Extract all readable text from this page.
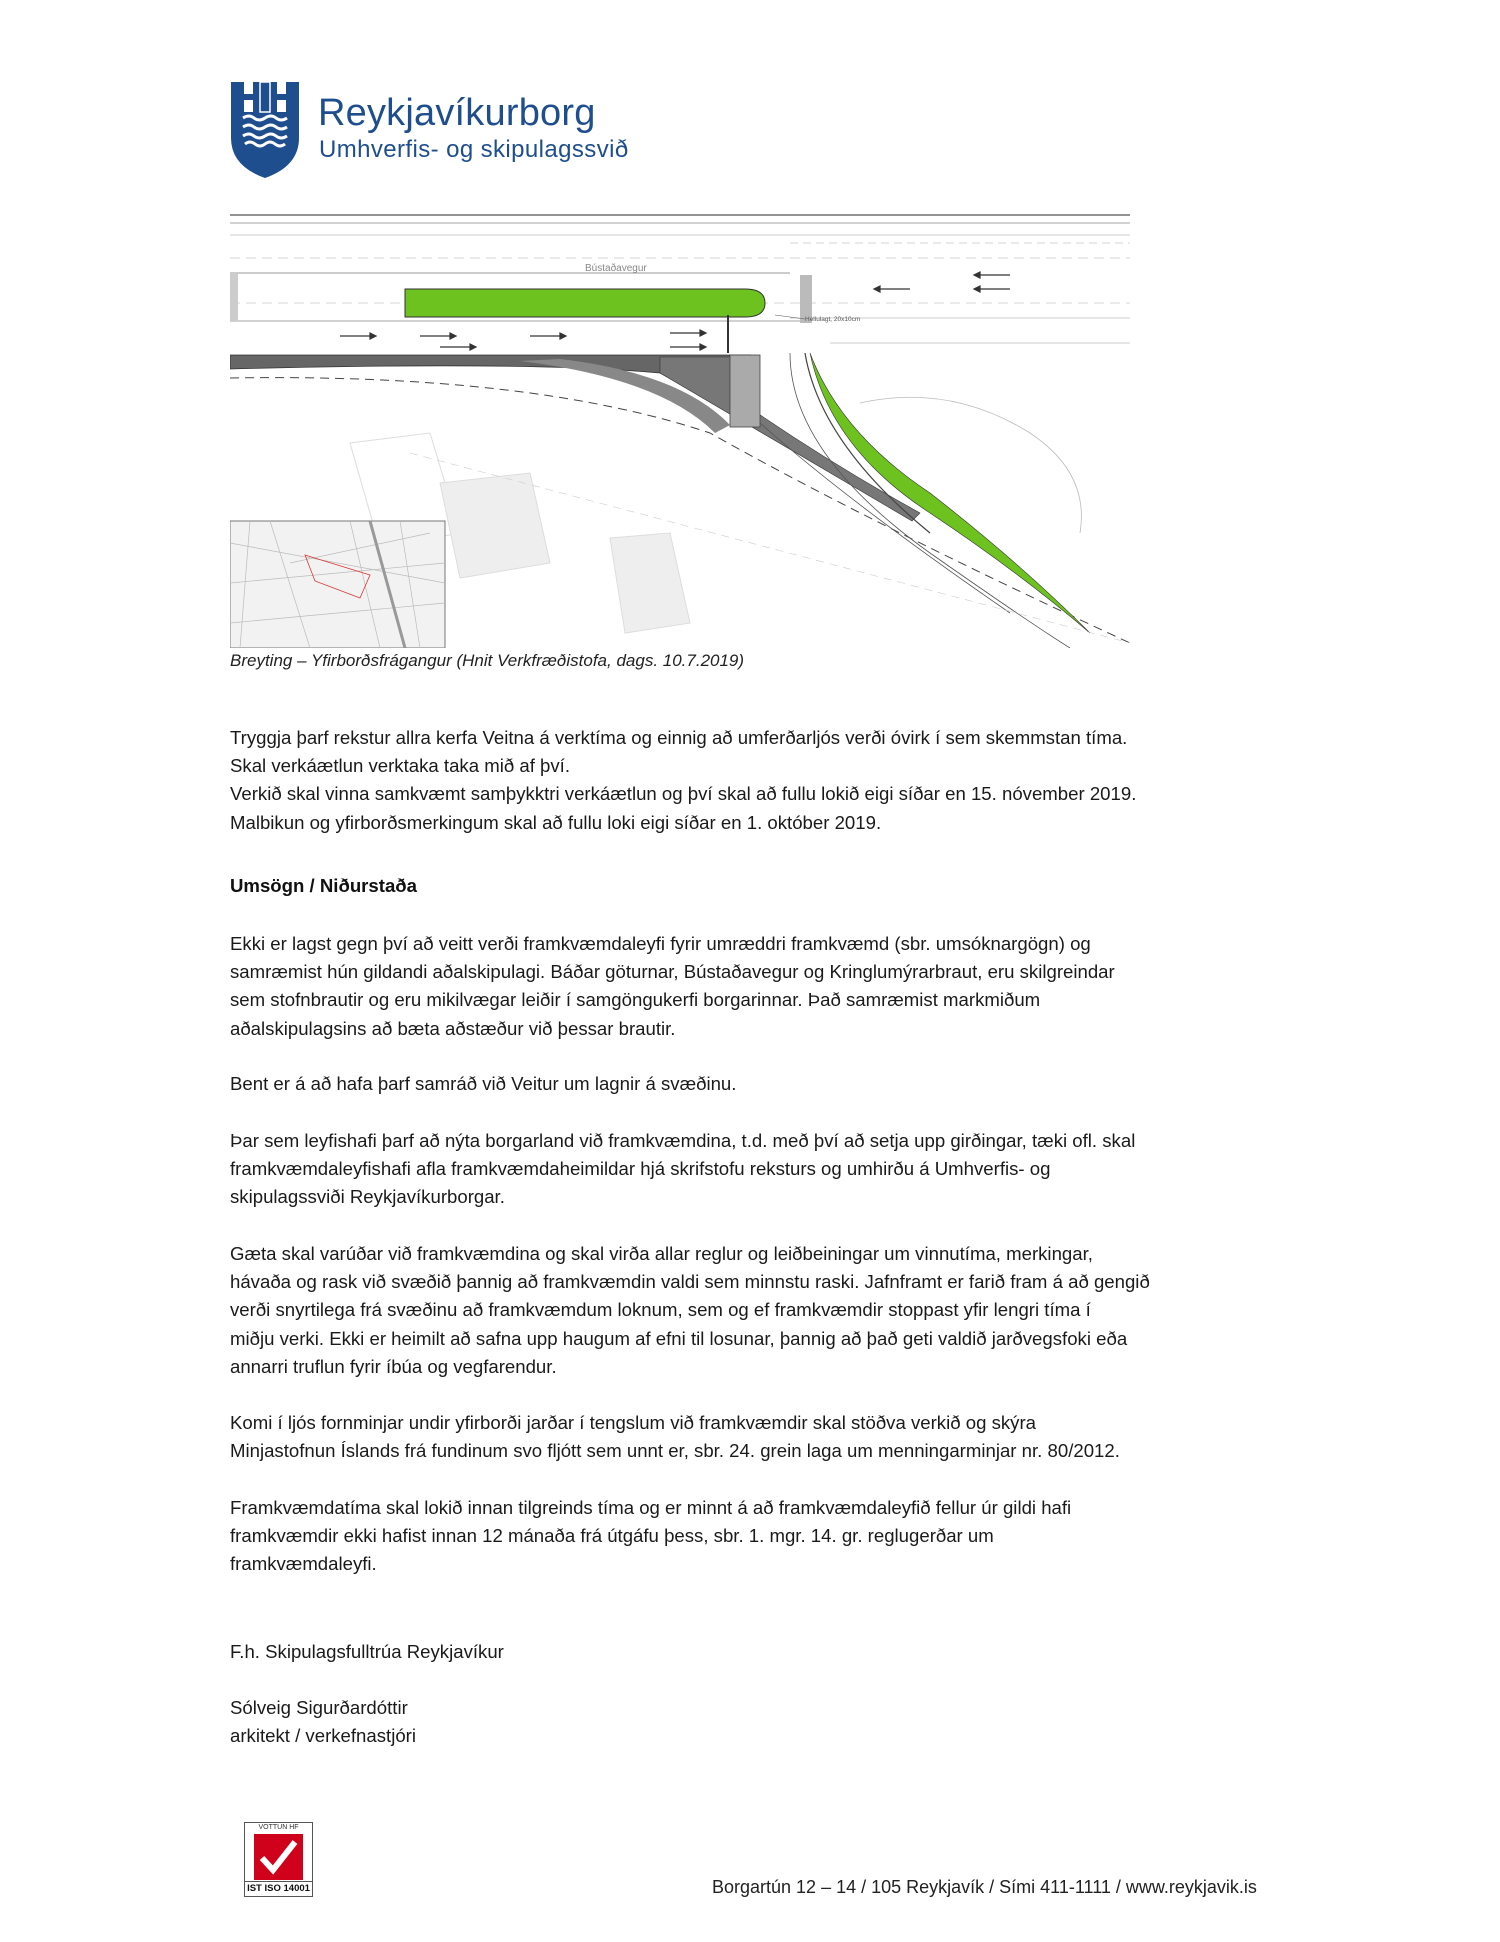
Reykjavíkurborg
Umhverfis- og skipulagssvið
Bústaðavegur
Hellulagt, 20x10cm
Breyting – Yfirborðsfrágangur (Hnit Verkfræðistofa, dags. 10.7.2019)
Tryggja þarf rekstur allra kerfa Veitna á verktíma og einnig að umferðarljós verði óvirk í sem skemmstan tíma.
Skal verkáætlun verktaka taka mið af því.
Verkið skal vinna samkvæmt samþykktri verkáætlun og því skal að fullu lokið eigi síðar en 15. nóvember 2019.
Malbikun og yfirborðsmerkingum skal að fullu loki eigi síðar en 1. október 2019.
Umsögn / Niðurstaða
Ekki er lagst gegn því að veitt verði framkvæmdaleyfi fyrir umræddri framkvæmd (sbr. umsóknargögn) og
samræmist hún gildandi aðalskipulagi. Báðar göturnar, Bústaðavegur og Kringlumýrarbraut, eru skilgreindar
sem stofnbrautir og eru mikilvægar leiðir í samgöngukerfi borgarinnar. Það samræmist markmiðum
aðalskipulagsins að bæta aðstæður við þessar brautir.
Bent er á að hafa þarf samráð við Veitur um lagnir á svæðinu.
Þar sem leyfishafi þarf að nýta borgarland við framkvæmdina, t.d. með því að setja upp girðingar, tæki ofl. skal
framkvæmdaleyfishafi afla framkvæmdaheimildar hjá skrifstofu reksturs og umhirðu á Umhverfis- og
skipulagssviði Reykjavíkurborgar.
Gæta skal varúðar við framkvæmdina og skal virða allar reglur og leiðbeiningar um vinnutíma, merkingar,
hávaða og rask við svæðið þannig að framkvæmdin valdi sem minnstu raski. Jafnframt er farið fram á að gengið
verði snyrtilega frá svæðinu að framkvæmdum loknum, sem og ef framkvæmdir stoppast yfir lengri tíma í
miðju verki. Ekki er heimilt að safna upp haugum af efni til losunar, þannig að það geti valdið jarðvegsfoki eða
annarri truflun fyrir íbúa og vegfarendur.
Komi í ljós fornminjar undir yfirborði jarðar í tengslum við framkvæmdir skal stöðva verkið og skýra
Minjastofnun Íslands frá fundinum svo fljótt sem unnt er, sbr. 24. grein laga um menningarminjar nr. 80/2012.
Framkvæmdatíma skal lokið innan tilgreinds tíma og er minnt á að framkvæmdaleyfið fellur úr gildi hafi
framkvæmdir ekki hafist innan 12 mánaða frá útgáfu þess, sbr. 1. mgr. 14. gr. reglugerðar um
framkvæmdaleyfi.
F.h. Skipulagsfulltrúa Reykjavíkur
Sólveig Sigurðardóttir
arkitekt / verkefnastjóri
VOTTUN HF
IST ISO 14001	Borgartún 12 – 14 / 105 Reykjavík / Sími 411-1111 / www.reykjavik.is
